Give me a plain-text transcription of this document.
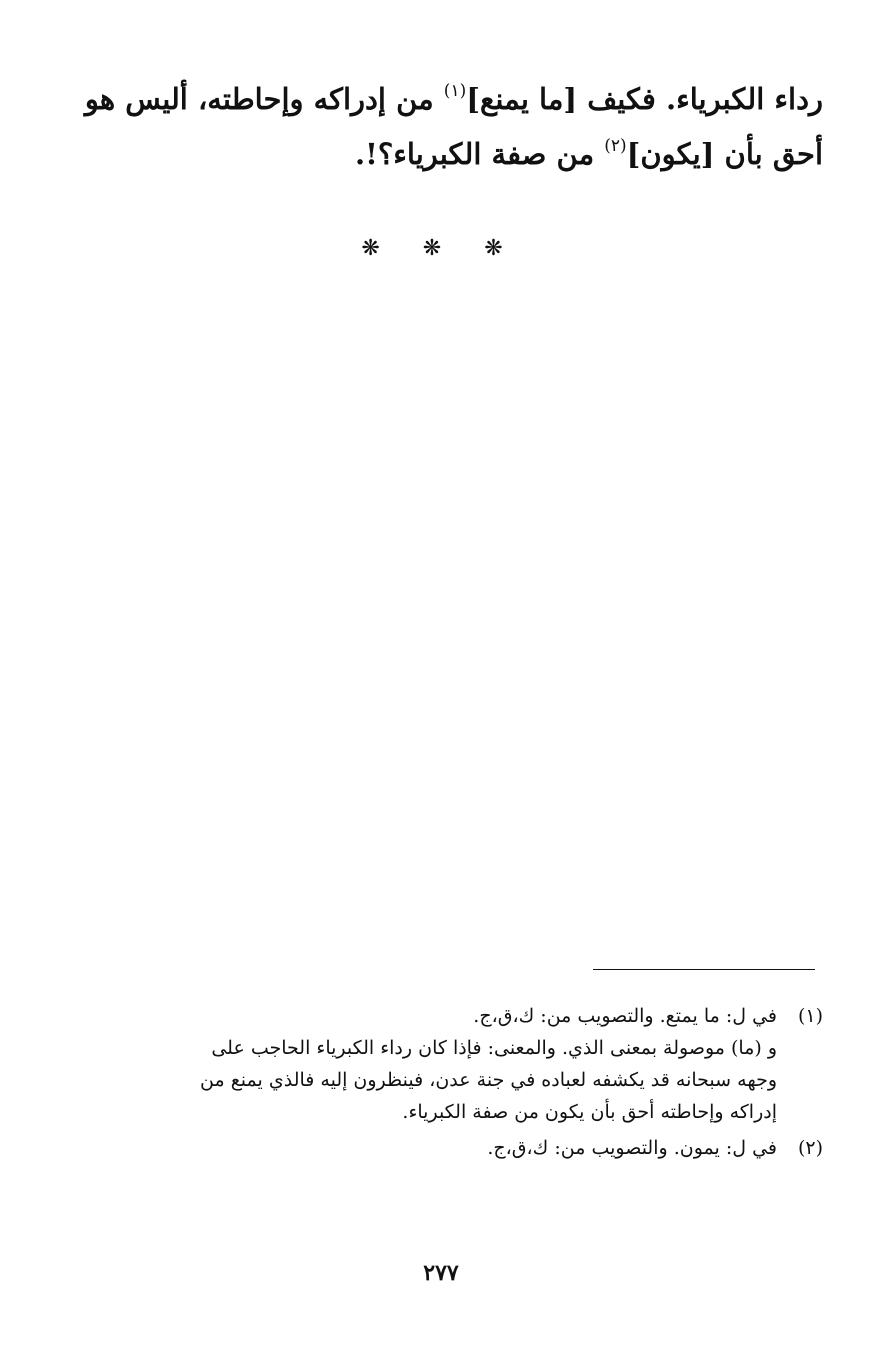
رداء الكبرياء. فكيف [ما يمنع]$^{(١)}$ من إدراكه وإحاطته، أليس هو
أحق بأن [يكون]$^{(٢)}$ من صفة الكبرياء؟!.
❋ ❋ ❋
(١)
في ل: ما يمتع. والتصويب من: ك،ق،ج.
و (ما) موصولة بمعنى الذي. والمعنى: فإذا كان رداء الكبرياء الحاجب على
وجهه سبحانه قد يكشفه لعباده في جنة عدن، فينظرون إليه فالذي يمنع من
إدراكه وإحاطته أحق بأن يكون من صفة الكبرياء.
(٢)
في ل: يمون. والتصويب من: ك،ق،ج.
٢٧٧
